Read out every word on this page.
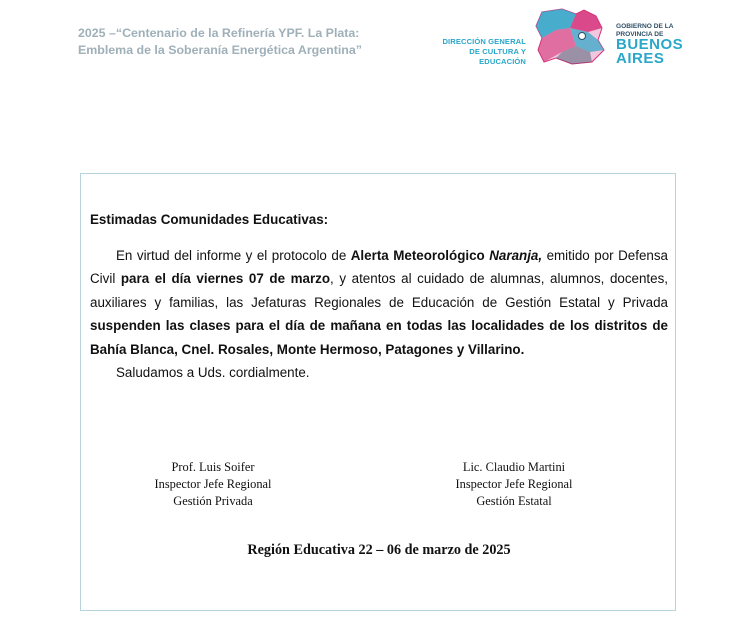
2025 –“Centenario de la Refinería YPF. La Plata:
Emblema de la Soberanía Energética Argentina”
DIRECCIÓN GENERAL
DE CULTURA Y
EDUCACIÓN
GOBIERNO DE LA
PROVINCIA DE
BUENOS
AIRES
Estimadas Comunidades Educativas:
En virtud del informe y el protocolo de Alerta Meteorológico Naranja, emitido por Defensa Civil para el día viernes 07 de marzo, y atentos al cuidado de alumnas, alumnos, docentes, auxiliares y familias, las Jefaturas Regionales de Educación de Gestión Estatal y Privada suspenden las clases para el día de mañana en todas las localidades de los distritos de Bahía Blanca, Cnel. Rosales, Monte Hermoso, Patagones y Villarino.
Saludamos a Uds. cordialmente.
Prof. Luis Soifer
Inspector Jefe Regional
Gestión Privada
Lic. Claudio Martini
Inspector Jefe Regional
Gestión Estatal
Región Educativa 22 – 06 de marzo de 2025
